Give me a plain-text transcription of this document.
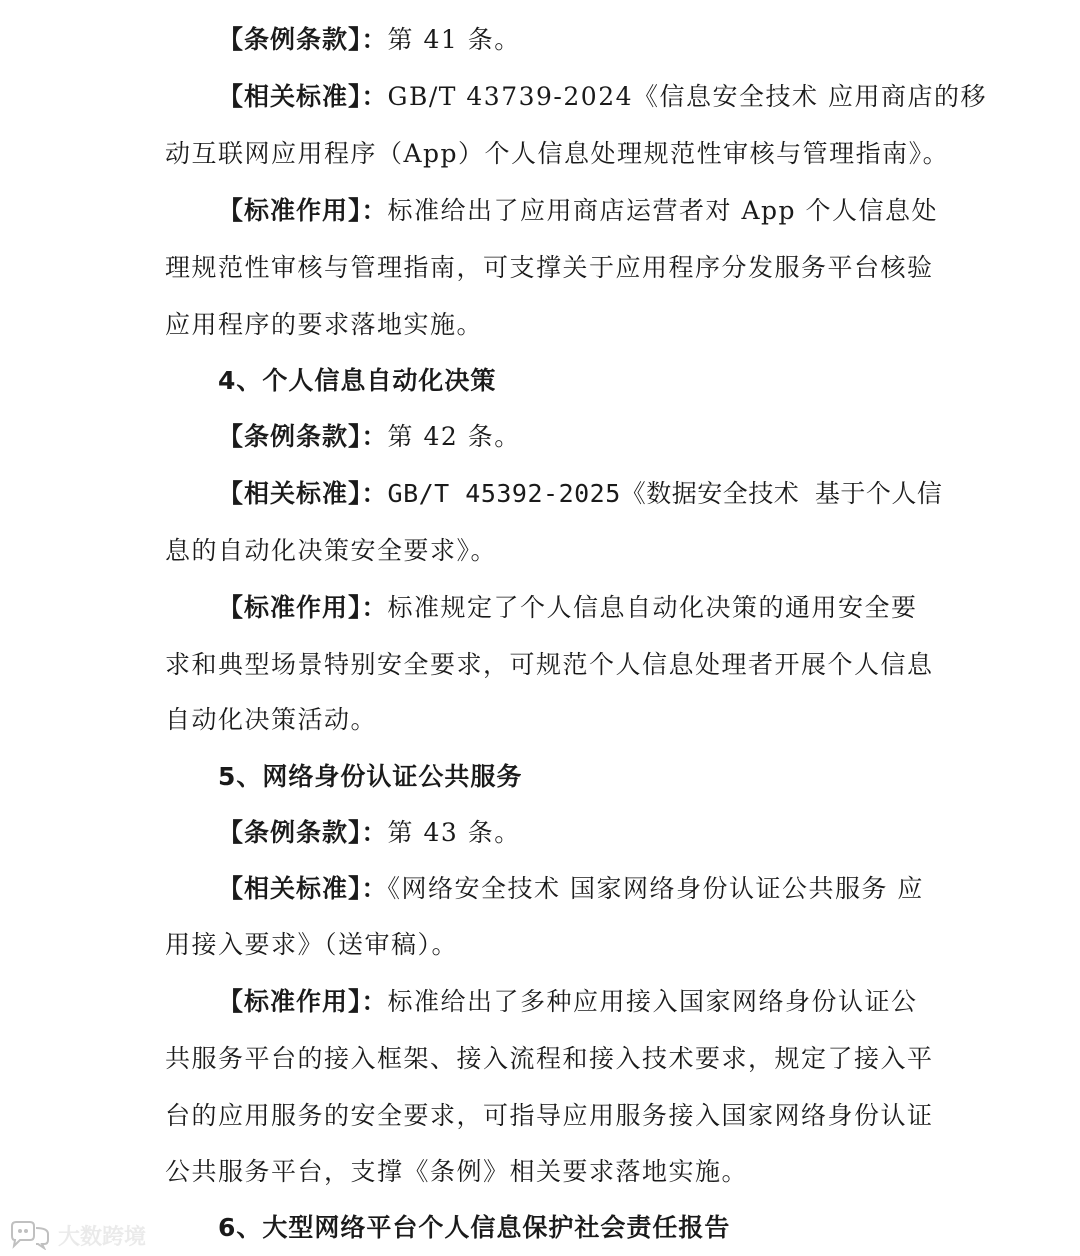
【条例条款】：第 41 条。
【相关标准】：GB/T 43739-2024《信息安全技术 应用商店的移
动互联网应用程序（App）个人信息处理规范性审核与管理指南》。
【标准作用】：标准给出了应用商店运营者对 App 个人信息处
理规范性审核与管理指南，可支撑关于应用程序分发服务平台核验
应用程序的要求落地实施。
4、个人信息自动化决策
【条例条款】：第 42 条。
【相关标准】：GB/T 45392-2025《数据安全技术 基于个人信
息的自动化决策安全要求》。
【标准作用】：标准规定了个人信息自动化决策的通用安全要
求和典型场景特别安全要求，可规范个人信息处理者开展个人信息
自动化决策活动。
5、网络身份认证公共服务
【条例条款】：第 43 条。
【相关标准】：《网络安全技术 国家网络身份认证公共服务 应
用接入要求》（送审稿）。
【标准作用】：标准给出了多种应用接入国家网络身份认证公
共服务平台的接入框架、接入流程和接入技术要求，规定了接入平
台的应用服务的安全要求，可指导应用服务接入国家网络身份认证
公共服务平台，支撑《条例》相关要求落地实施。
6、大型网络平台个人信息保护社会责任报告
大数跨境
